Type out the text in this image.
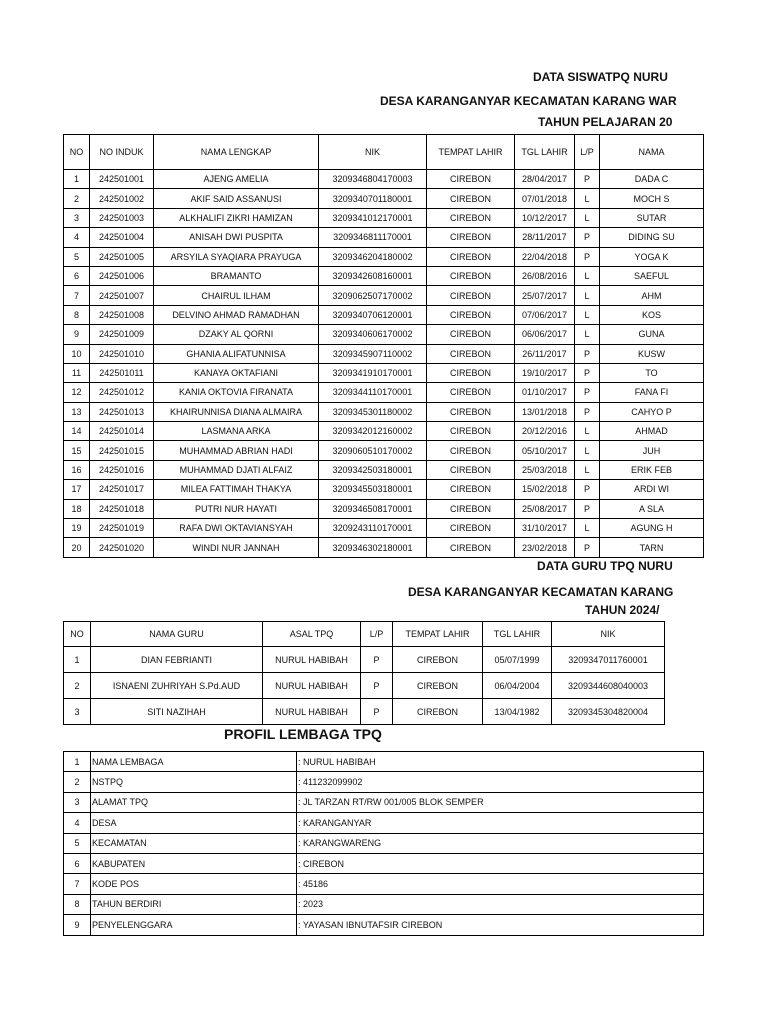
DATA SISWATPQ NURU
DESA KARANGANYAR KECAMATAN KARANG WAR
TAHUN PELAJARAN 20
NO	NO INDUK	NAMA LENGKAP	NIK	TEMPAT LAHIR	TGL LAHIR	L/P	NAMA
1	242501001	AJENG AMELIA	3209346804170003	CIREBON	28/04/2017	P	DADA C
2	242501002	AKIF SAID ASSANUSI	3209340701180001	CIREBON	07/01/2018	L	MOCH S
3	242501003	ALKHALIFI ZIKRI HAMIZAN	3209341012170001	CIREBON	10/12/2017	L	SUTAR
4	242501004	ANISAH DWI PUSPITA	3209346811170001	CIREBON	28/11/2017	P	DIDING SU
5	242501005	ARSYILA SYAQIARA PRAYUGA	3209346204180002	CIREBON	22/04/2018	P	YOGA K
6	242501006	BRAMANTO	3209342608160001	CIREBON	26/08/2016	L	SAEFUL
7	242501007	CHAIRUL ILHAM	3209062507170002	CIREBON	25/07/2017	L	AHM
8	242501008	DELVINO AHMAD RAMADHAN	3209340706120001	CIREBON	07/06/2017	L	KOS
9	242501009	DZAKY AL QORNI	3209340606170002	CIREBON	06/06/2017	L	GUNA
10	242501010	GHANIA ALIFATUNNISA	3209345907110002	CIREBON	26/11/2017	P	KUSW
11	242501011	KANAYA OKTAFIANI	3209341910170001	CIREBON	19/10/2017	P	TO
12	242501012	KANIA OKTOVIA FIRANATA	3209344110170001	CIREBON	01/10/2017	P	FANA FI
13	242501013	KHAIRUNNISA DIANA ALMAIRA	3209345301180002	CIREBON	13/01/2018	P	CAHYO P
14	242501014	LASMANA ARKA	3209342012160002	CIREBON	20/12/2016	L	AHMAD
15	242501015	MUHAMMAD ABRIAN HADI	3209060510170002	CIREBON	05/10/2017	L	JUH
16	242501016	MUHAMMAD DJATI ALFAIZ	3209342503180001	CIREBON	25/03/2018	L	ERIK FEB
17	242501017	MILEA FATTIMAH THAKYA	3209345503180001	CIREBON	15/02/2018	P	ARDI WI
18	242501018	PUTRI NUR HAYATI	3209346508170001	CIREBON	25/08/2017	P	A SLA
19	242501019	RAFA DWI OKTAVIANSYAH	3209243110170001	CIREBON	31/10/2017	L	AGUNG H
20	242501020	WINDI NUR JANNAH	3209346302180001	CIREBON	23/02/2018	P	TARN
DATA GURU TPQ NURU
DESA KARANGANYAR KECAMATAN KARANG
TAHUN 2024/
NO	NAMA GURU	ASAL TPQ	L/P	TEMPAT LAHIR	TGL LAHIR	NIK
1	DIAN FEBRIANTI	NURUL HABIBAH	P	CIREBON	05/07/1999	3209347011760001
2	ISNAENI ZUHRIYAH S.Pd.AUD	NURUL HABIBAH	P	CIREBON	06/04/2004	3209344608040003
3	SITI NAZIHAH	NURUL HABIBAH	P	CIREBON	13/04/1982	3209345304820004
PROFIL LEMBAGA TPQ
1	NAMA LEMBAGA	: NURUL HABIBAH
2	NSTPQ	: 411232099902
3	ALAMAT TPQ	: JL TARZAN RT/RW 001/005 BLOK SEMPER
4	DESA	: KARANGANYAR
5	KECAMATAN	: KARANGWARENG
6	KABUPATEN	: CIREBON
7	KODE POS	: 45186
8	TAHUN BERDIRI	: 2023
9	PENYELENGGARA	: YAYASAN IBNUTAFSIR CIREBON
